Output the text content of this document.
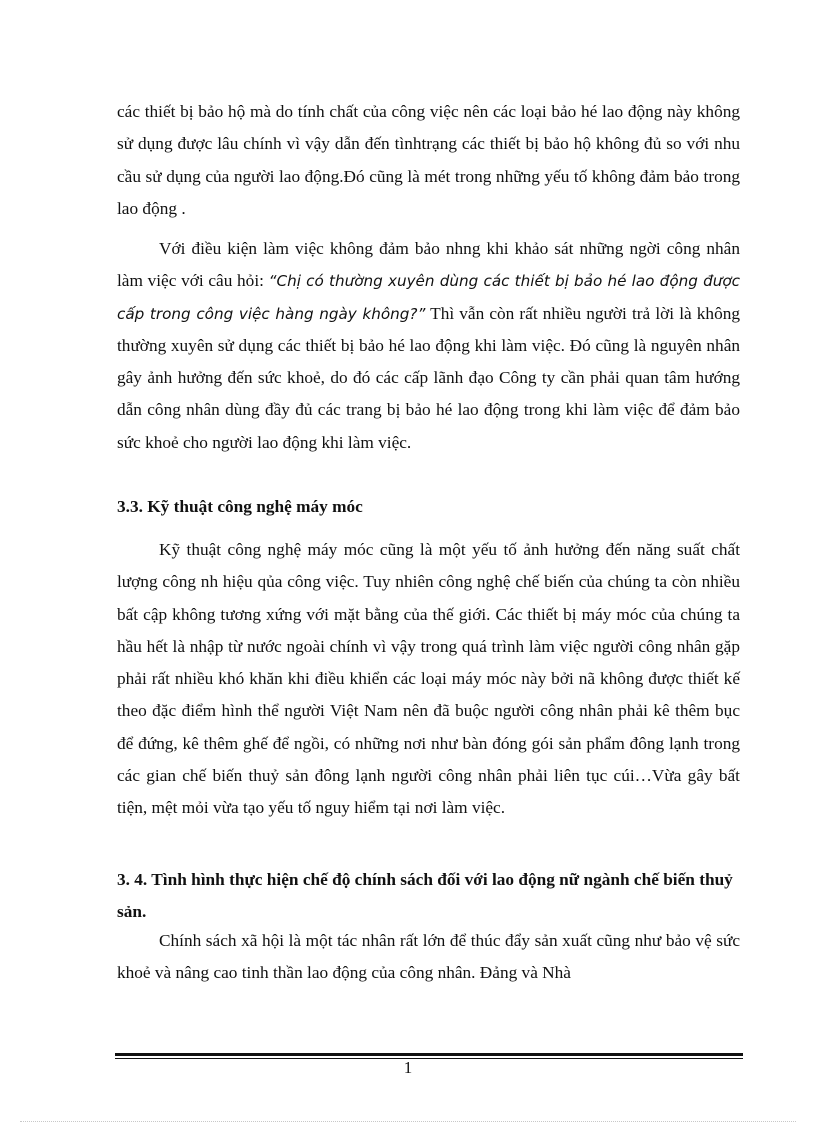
các thiết bị bảo hộ mà do tính chất của công việc nên các loại bảo hé lao động này không sử dụng được lâu chính vì vậy dẫn đến tìnhtrạng các thiết bị bảo hộ không đủ so với nhu cầu sử dụng của người lao động.Đó cũng là mét trong những yếu tố không đảm bảo trong lao động .

Với điều kiện làm việc không đảm bảo nhng khi khảo sát những ngời công nhân làm việc với câu hỏi: “Chị có thường xuyên dùng các thiết bị bảo hé lao động được cấp trong công việc hàng ngày không?” Thì vẫn còn rất nhiều người trả lời là không thường xuyên sử dụng các thiết bị bảo hé lao động khi làm việc. Đó cũng là nguyên nhân gây ảnh hưởng đến sức khoẻ, do đó các cấp lãnh đạo Công ty cần phải quan tâm hướng dẫn công nhân dùng đầy đủ các trang bị bảo hé lao động trong khi làm việc để đảm bảo sức khoẻ cho người lao động khi làm việc.

3.3. Kỹ thuật công nghệ máy móc

Kỹ thuật công nghệ máy móc cũng là một yếu tố ảnh hưởng đến năng suất chất lượng công nh hiệu qủa công việc. Tuy nhiên công nghệ chế biến của chúng ta còn nhiều bất cập không tương xứng với mặt bằng của thế giới. Các thiết bị máy móc của chúng ta hầu hết là nhập từ nước ngoài chính vì vậy trong quá trình làm việc người công nhân gặp phải rất nhiều khó khăn khi điều khiển các loại máy móc này bởi nã không được thiết kế theo đặc điểm hình thể người Việt Nam nên đã buộc người công nhân phải kê thêm bục để đứng, kê thêm ghế để ngồi, có những nơi như bàn đóng gói sản phẩm đông lạnh trong các gian chế biến thuỷ sản đông lạnh người công nhân phải liên tục cúi…Vừa gây bất tiện, mệt mỏi vừa tạo yếu tố nguy hiểm tại nơi làm việc.

3. 4. Tình hình thực hiện chế độ chính sách đối với lao động nữ ngành chế biến thuỷ sản.

Chính sách xã hội là một tác nhân rất lớn để thúc đẩy sản xuất cũng như bảo vệ sức khoẻ và nâng cao tinh thần lao động của công nhân. Đảng và Nhà

1
